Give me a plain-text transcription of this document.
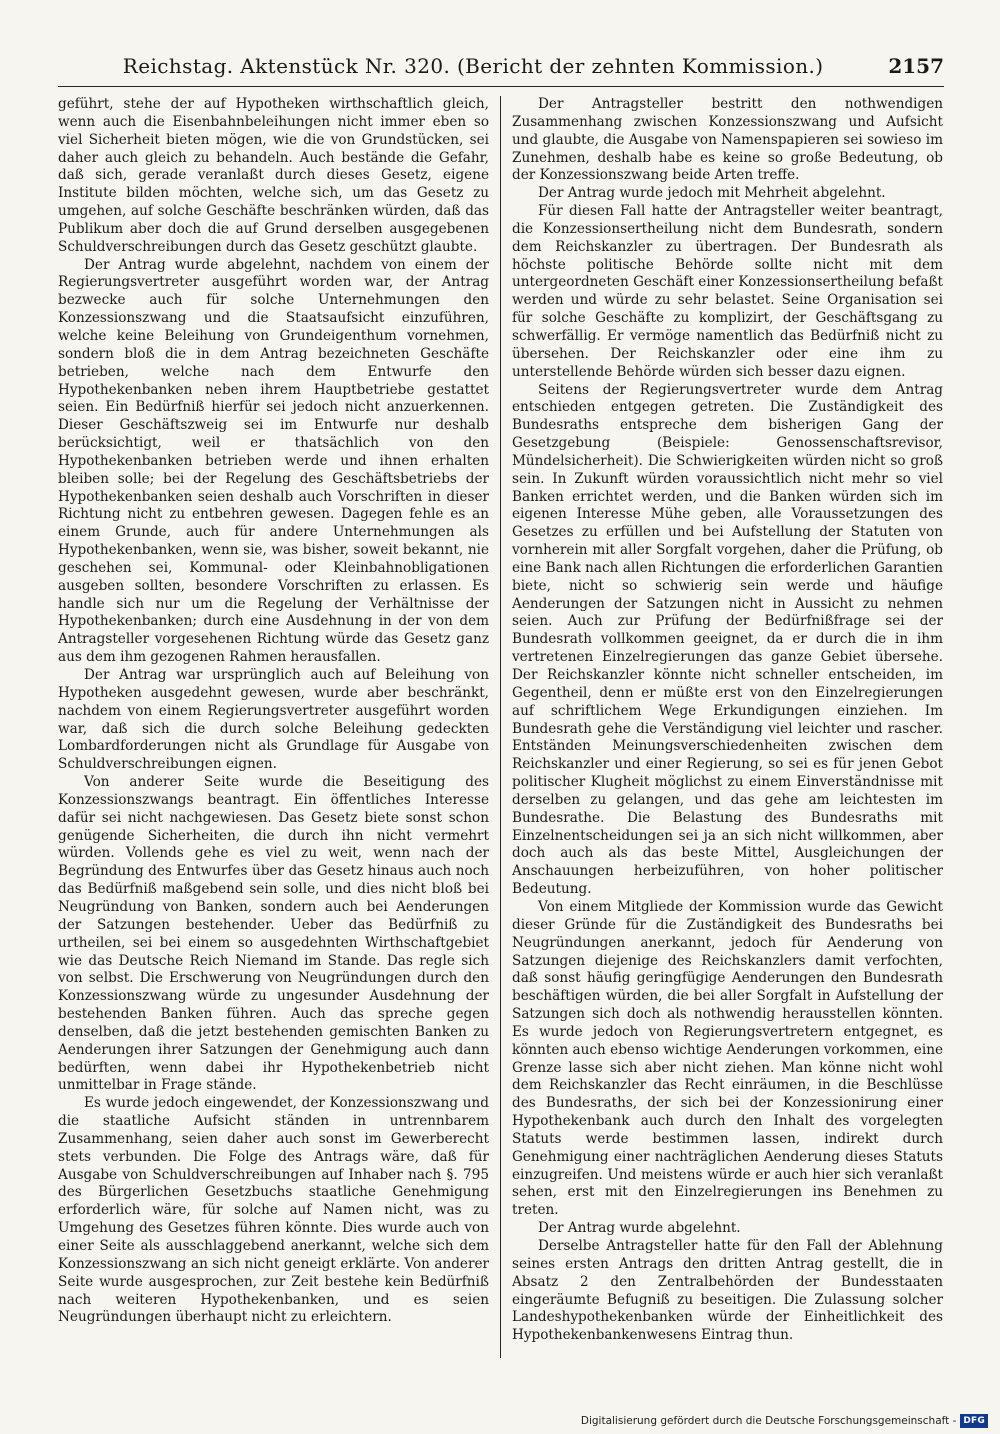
Reichstag. Aktenstück Nr. 320. (Bericht der zehnten Kommission.)	2157

geführt, stehe der auf Hypotheken wirthschaftlich gleich, wenn auch die Eisenbahnbeleihungen nicht immer eben so viel Sicherheit bieten mögen, wie die von Grundstücken, sei daher auch gleich zu behandeln. Auch bestände die Gefahr, daß sich, gerade veranlaßt durch dieses Gesetz, eigene Institute bilden möchten, welche sich, um das Gesetz zu umgehen, auf solche Geschäfte beschränken würden, daß das Publikum aber doch die auf Grund derselben ausgegebenen Schuldverschreibungen durch das Gesetz geschützt glaubte.

Der Antrag wurde abgelehnt, nachdem von einem der Regierungsvertreter ausgeführt worden war, der Antrag bezwecke auch für solche Unternehmungen den Konzessionszwang und die Staatsaufsicht einzuführen, welche keine Beleihung von Grundeigenthum vornehmen, sondern bloß die in dem Antrag bezeichneten Geschäfte betrieben, welche nach dem Entwurfe den Hypothekenbanken neben ihrem Hauptbetriebe gestattet seien. Ein Bedürfniß hierfür sei jedoch nicht anzuerkennen. Dieser Geschäftszweig sei im Entwurfe nur deshalb berücksichtigt, weil er thatsächlich von den Hypothekenbanken betrieben werde und ihnen erhalten bleiben solle; bei der Regelung des Geschäftsbetriebs der Hypothekenbanken seien deshalb auch Vorschriften in dieser Richtung nicht zu entbehren gewesen. Dagegen fehle es an einem Grunde, auch für andere Unternehmungen als Hypothekenbanken, wenn sie, was bisher, soweit bekannt, nie geschehen sei, Kommunal- oder Kleinbahnobligationen ausgeben sollten, besondere Vorschriften zu erlassen. Es handle sich nur um die Regelung der Verhältnisse der Hypothekenbanken; durch eine Ausdehnung in der von dem Antragsteller vorgesehenen Richtung würde das Gesetz ganz aus dem ihm gezogenen Rahmen herausfallen.

Der Antrag war ursprünglich auch auf Beleihung von Hypotheken ausgedehnt gewesen, wurde aber beschränkt, nachdem von einem Regierungsvertreter ausgeführt worden war, daß sich die durch solche Beleihung gedeckten Lombardforderungen nicht als Grundlage für Ausgabe von Schuldverschreibungen eignen.

Von anderer Seite wurde die Beseitigung des Konzessionszwangs beantragt. Ein öffentliches Interesse dafür sei nicht nachgewiesen. Das Gesetz biete sonst schon genügende Sicherheiten, die durch ihn nicht vermehrt würden. Vollends gehe es viel zu weit, wenn nach der Begründung des Entwurfes über das Gesetz hinaus auch noch das Bedürfniß maßgebend sein solle, und dies nicht bloß bei Neugründung von Banken, sondern auch bei Aenderungen der Satzungen bestehender. Ueber das Bedürfniß zu urtheilen, sei bei einem so ausgedehnten Wirthschaftgebiet wie das Deutsche Reich Niemand im Stande. Das regle sich von selbst. Die Erschwerung von Neugründungen durch den Konzessionszwang würde zu ungesunder Ausdehnung der bestehenden Banken führen. Auch das spreche gegen denselben, daß die jetzt bestehenden gemischten Banken zu Aenderungen ihrer Satzungen der Genehmigung auch dann bedürften, wenn dabei ihr Hypothekenbetrieb nicht unmittelbar in Frage stände.

Es wurde jedoch eingewendet, der Konzessionszwang und die staatliche Aufsicht ständen in untrennbarem Zusammenhang, seien daher auch sonst im Gewerberecht stets verbunden. Die Folge des Antrags wäre, daß für Ausgabe von Schuldverschreibungen auf Inhaber nach §. 795 des Bürgerlichen Gesetzbuchs staatliche Genehmigung erforderlich wäre, für solche auf Namen nicht, was zu Umgehung des Gesetzes führen könnte. Dies wurde auch von einer Seite als ausschlaggebend anerkannt, welche sich dem Konzessionszwang an sich nicht geneigt erklärte. Von anderer Seite wurde ausgesprochen, zur Zeit bestehe kein Bedürfniß nach weiteren Hypothekenbanken, und es seien Neugründungen überhaupt nicht zu erleichtern.

Der Antragsteller bestritt den nothwendigen Zusammenhang zwischen Konzessionszwang und Aufsicht und glaubte, die Ausgabe von Namenspapieren sei sowieso im Zunehmen, deshalb habe es keine so große Bedeutung, ob der Konzessionszwang beide Arten treffe.

Der Antrag wurde jedoch mit Mehrheit abgelehnt.

Für diesen Fall hatte der Antragsteller weiter beantragt, die Konzessionsertheilung nicht dem Bundesrath, sondern dem Reichskanzler zu übertragen. Der Bundesrath als höchste politische Behörde sollte nicht mit dem untergeordneten Geschäft einer Konzessionsertheilung befaßt werden und würde zu sehr belastet. Seine Organisation sei für solche Geschäfte zu komplizirt, der Geschäftsgang zu schwerfällig. Er vermöge namentlich das Bedürfniß nicht zu übersehen. Der Reichskanzler oder eine ihm zu unterstellende Behörde würden sich besser dazu eignen.

Seitens der Regierungsvertreter wurde dem Antrag entschieden entgegen getreten. Die Zuständigkeit des Bundesraths entspreche dem bisherigen Gang der Gesetzgebung (Beispiele: Genossenschaftsrevisor, Mündelsicherheit). Die Schwierigkeiten würden nicht so groß sein. In Zukunft würden voraussichtlich nicht mehr so viel Banken errichtet werden, und die Banken würden sich im eigenen Interesse Mühe geben, alle Voraussetzungen des Gesetzes zu erfüllen und bei Aufstellung der Statuten von vornherein mit aller Sorgfalt vorgehen, daher die Prüfung, ob eine Bank nach allen Richtungen die erforderlichen Garantien biete, nicht so schwierig sein werde und häufige Aenderungen der Satzungen nicht in Aussicht zu nehmen seien. Auch zur Prüfung der Bedürfnißfrage sei der Bundesrath vollkommen geeignet, da er durch die in ihm vertretenen Einzelregierungen das ganze Gebiet übersehe. Der Reichskanzler könnte nicht schneller entscheiden, im Gegentheil, denn er müßte erst von den Einzelregierungen auf schriftlichem Wege Erkundigungen einziehen. Im Bundesrath gehe die Verständigung viel leichter und rascher. Entständen Meinungsverschiedenheiten zwischen dem Reichskanzler und einer Regierung, so sei es für jenen Gebot politischer Klugheit möglichst zu einem Einverständnisse mit derselben zu gelangen, und das gehe am leichtesten im Bundesrathe. Die Belastung des Bundesraths mit Einzelnentscheidungen sei ja an sich nicht willkommen, aber doch auch als das beste Mittel, Ausgleichungen der Anschauungen herbeizuführen, von hoher politischer Bedeutung.

Von einem Mitgliede der Kommission wurde das Gewicht dieser Gründe für die Zuständigkeit des Bundesraths bei Neugründungen anerkannt, jedoch für Aenderung von Satzungen diejenige des Reichskanzlers damit verfochten, daß sonst häufig geringfügige Aenderungen den Bundesrath beschäftigen würden, die bei aller Sorgfalt in Aufstellung der Satzungen sich doch als nothwendig herausstellen könnten. Es wurde jedoch von Regierungsvertretern entgegnet, es könnten auch ebenso wichtige Aenderungen vorkommen, eine Grenze lasse sich aber nicht ziehen. Man könne nicht wohl dem Reichskanzler das Recht einräumen, in die Beschlüsse des Bundesraths, der sich bei der Konzessionirung einer Hypothekenbank auch durch den Inhalt des vorgelegten Statuts werde bestimmen lassen, indirekt durch Genehmigung einer nachträglichen Aenderung dieses Statuts einzugreifen. Und meistens würde er auch hier sich veranlaßt sehen, erst mit den Einzelregierungen ins Benehmen zu treten.

Der Antrag wurde abgelehnt.

Derselbe Antragsteller hatte für den Fall der Ablehnung seines ersten Antrags den dritten Antrag gestellt, die in Absatz 2 den Zentralbehörden der Bundesstaaten eingeräumte Befugniß zu beseitigen. Die Zulassung solcher Landeshypothekenbanken würde der Einheitlichkeit des Hypothekenbankenwesens Eintrag thun.

Digitalisierung gefördert durch die Deutsche Forschungsgemeinschaft - DFG
